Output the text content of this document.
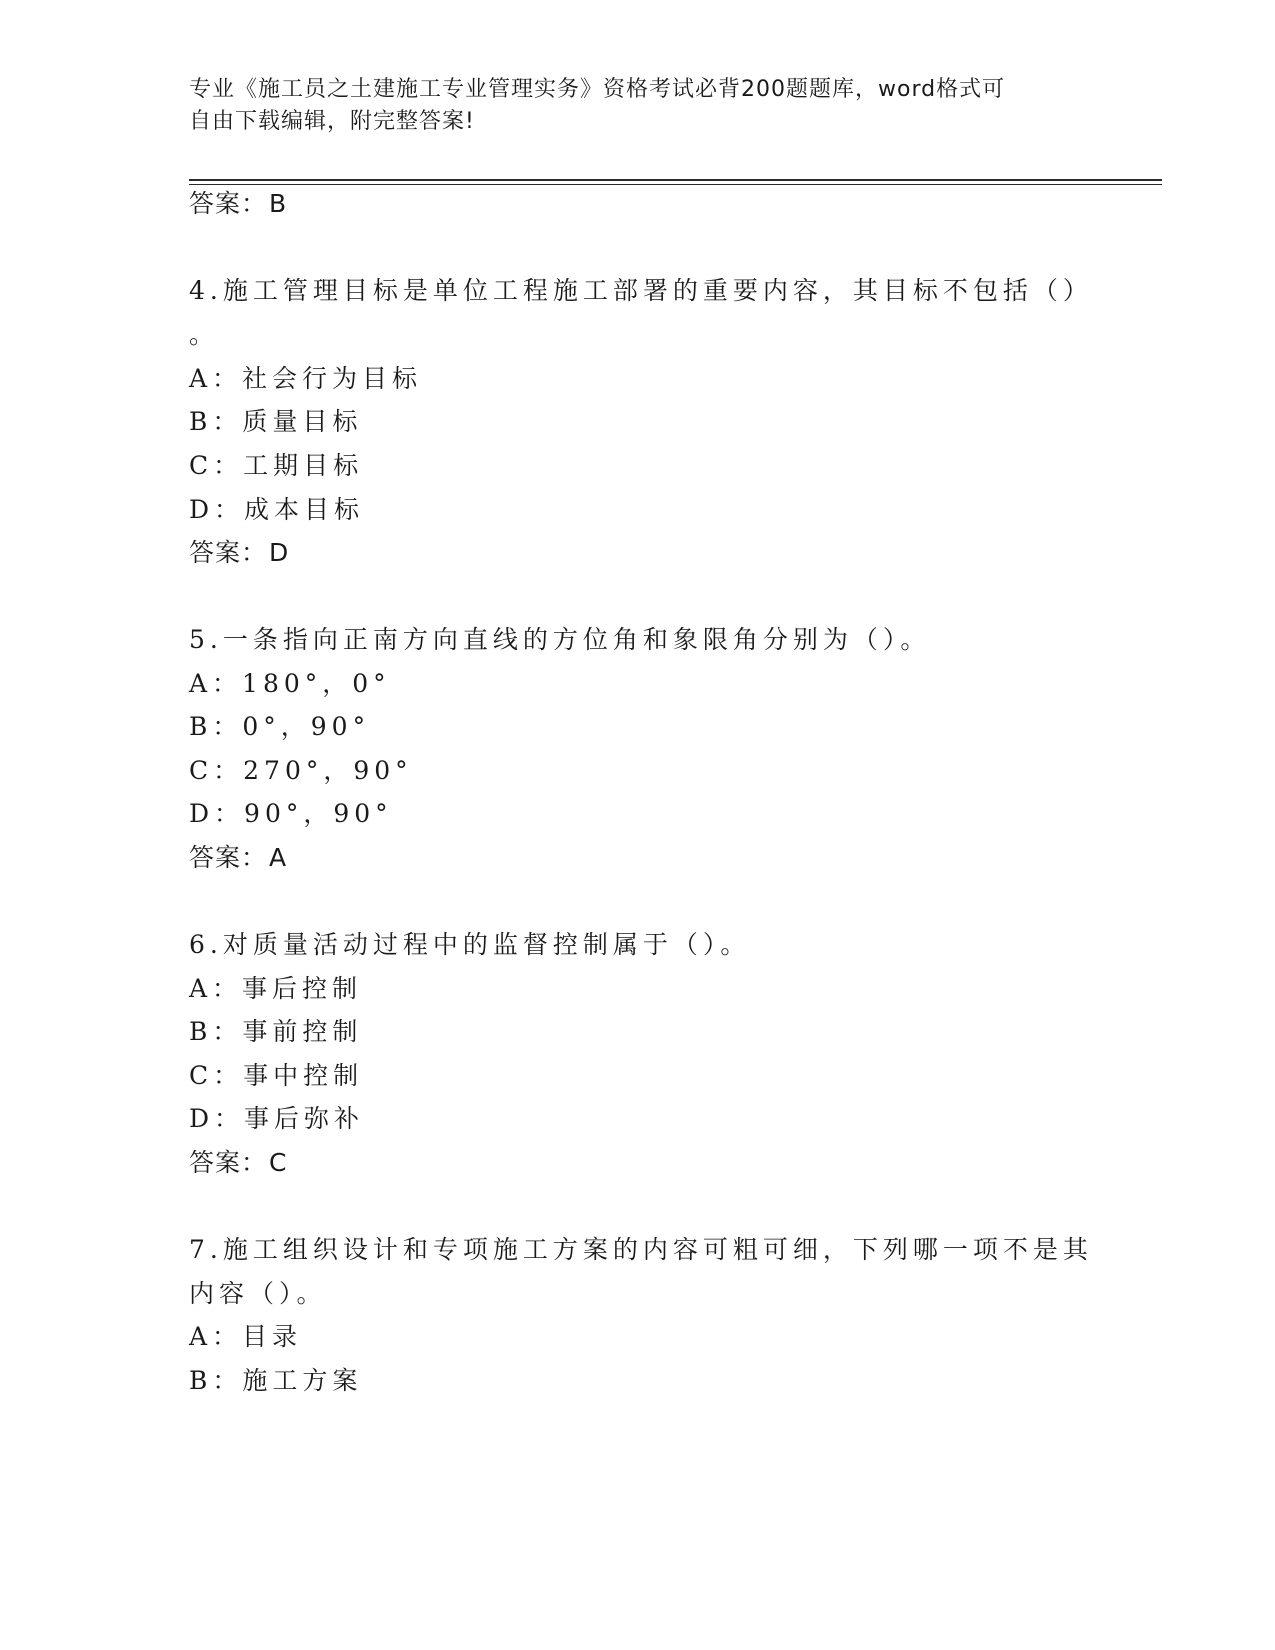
专业《施工员之土建施工专业管理实务》资格考试必背200题题库，word格式可
自由下载编辑，附完整答案!
答案：B
4.施工管理目标是单位工程施工部署的重要内容，其目标不包括（）
。
A：社会行为目标
B：质量目标
C：工期目标
D：成本目标
答案：D
5.一条指向正南方向直线的方位角和象限角分别为（）。
A：180°，0°
B：0°，90°
C：270°，90°
D：90°，90°
答案：A
6.对质量活动过程中的监督控制属于（）。
A：事后控制
B：事前控制
C：事中控制
D：事后弥补
答案：C
7.施工组织设计和专项施工方案的内容可粗可细，下列哪一项不是其
内容（）。
A：目录
B：施工方案
